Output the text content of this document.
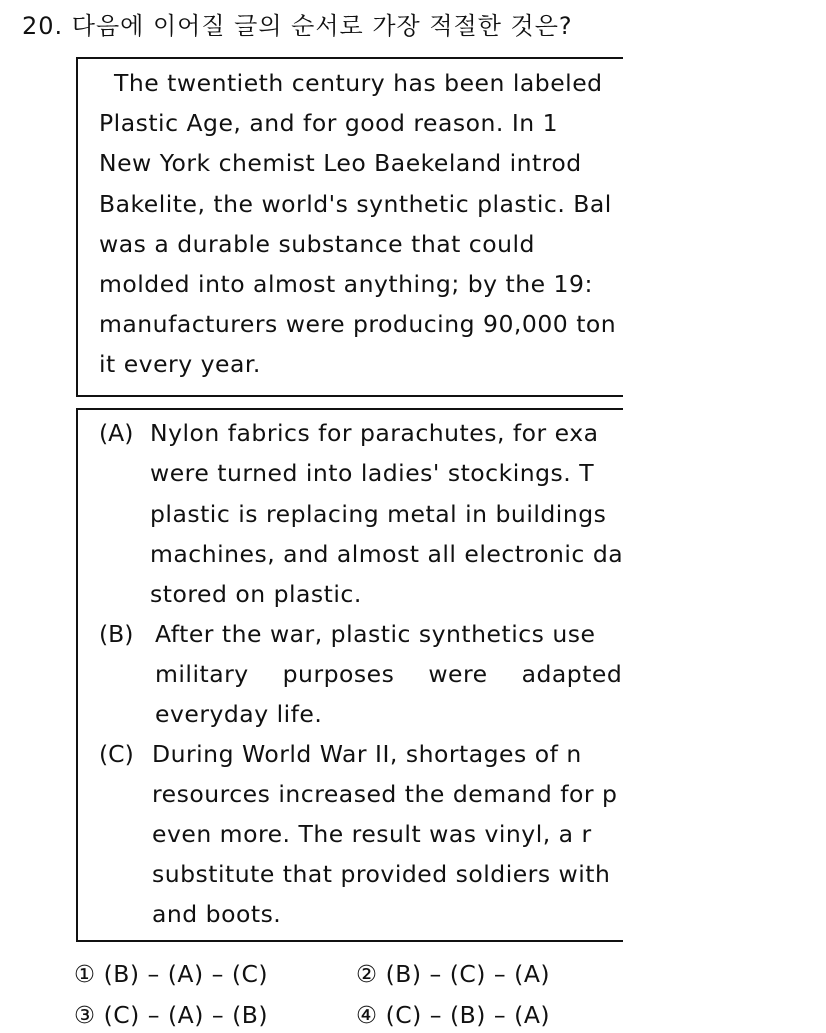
20. 다음에 이어질 글의 순서로 가장 적절한 것은?
The twentieth century has been labeled
Plastic Age, and for good reason. In 1
New York chemist Leo Baekeland introd
Bakelite, the world's synthetic plastic. Bal
was a durable substance that could
molded into almost anything; by the 19:
manufacturers were producing 90,000 ton
it every year.
(A) Nylon fabrics for parachutes, for exa
were turned into ladies' stockings. T
plastic is replacing metal in buildings
machines, and almost all electronic da
stored on plastic.
(B) After the war, plastic synthetics use
military purposes were adapted
everyday life.
(C) During World War II, shortages of n
resources increased the demand for p
even more. The result was vinyl, a r
substitute that provided soldiers with
and boots.
① (B) – (A) – (C)	② (B) – (C) – (A)
③ (C) – (A) – (B)	④ (C) – (B) – (A)
